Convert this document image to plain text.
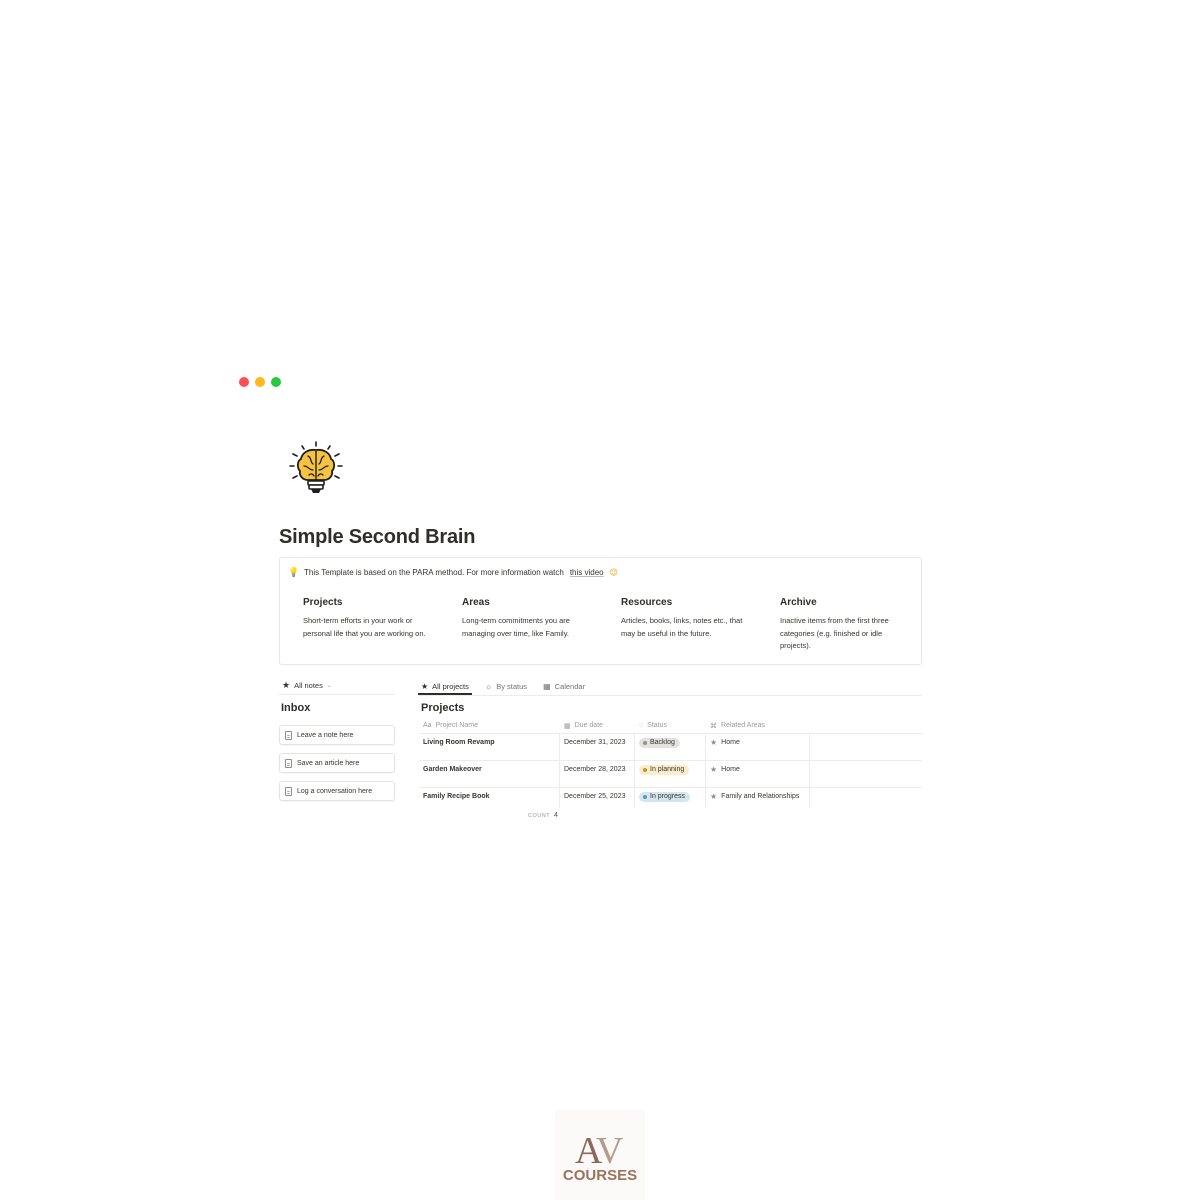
Simple Second Brain
💡 This Template is based on the PARA method. For more information watch this video 😉
Projects

Short-term efforts in your work or personal life that you are working on.

Areas

Long-term commitments you are managing over time, like Family.

Resources

Articles, books, links, notes etc., that may be useful in the future.

Archive

Inactive items from the first three categories (e.g. finished or idle projects).

★ All notes ⌄
Inbox
Leave a note here
Save an article here
Log a conversation here
★ All projects ☼ By status ▦ Calendar
Projects
Aa Project Name	▦ Due date	◌ Status	⌘ Related Areas
Living Room Revamp	December 31, 2023	Backlog	★ Home
Garden Makeover	December 28, 2023	In planning	★ Home
Family Recipe Book	December 25, 2023	In progress	★ Family and Relationships
COUNT 4
A
V
COURSES
